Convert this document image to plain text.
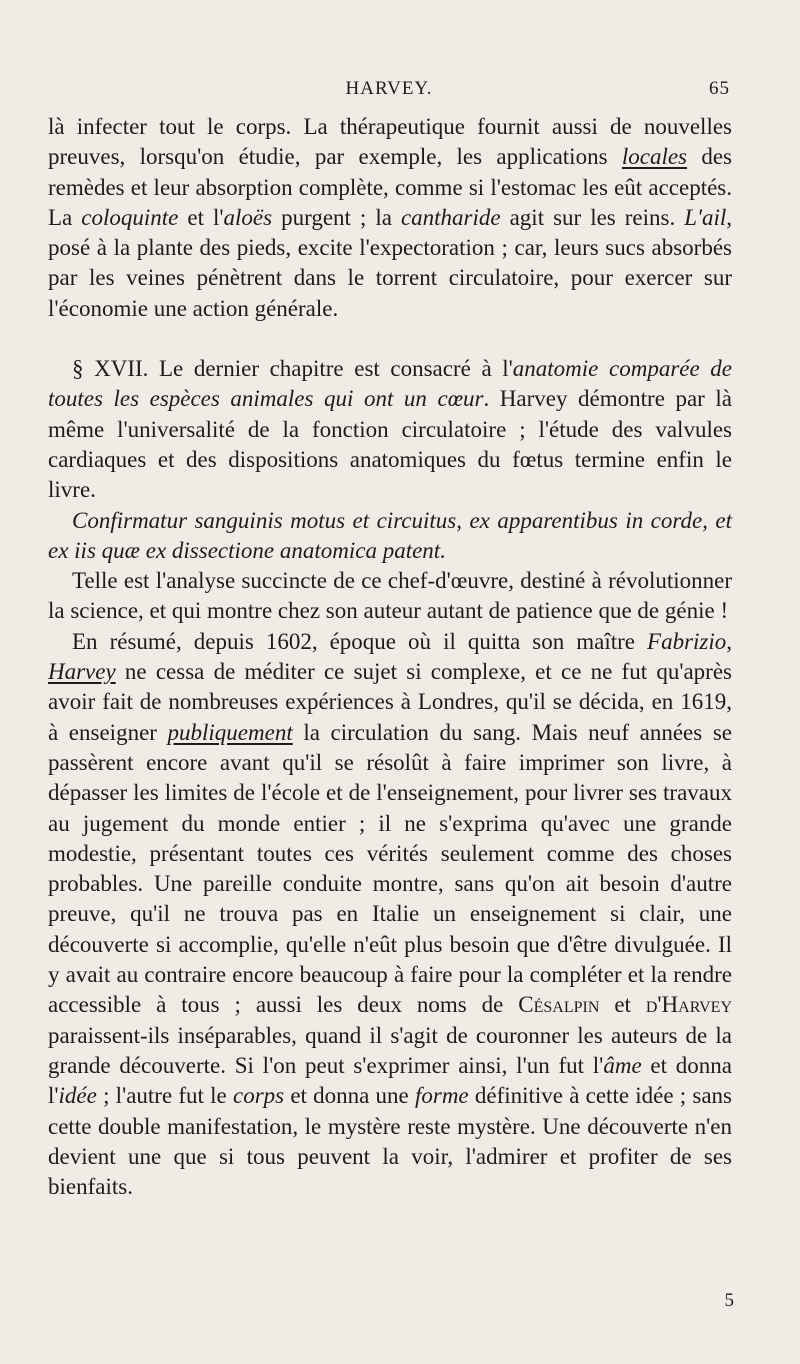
HARVEY.	65

là infecter tout le corps. La thérapeutique fournit aussi de nouvelles preuves, lorsqu'on étudie, par exemple, les applications locales des remèdes et leur absorption complète, comme si l'estomac les eût acceptés. La coloquinte et l'aloës purgent ; la cantharide agit sur les reins. L'ail, posé à la plante des pieds, excite l'expectoration ; car, leurs sucs absorbés par les veines pénètrent dans le torrent circulatoire, pour exercer sur l'économie une action générale.

§ XVII. Le dernier chapitre est consacré à l'anatomie comparée de toutes les espèces animales qui ont un cœur. Harvey démontre par là même l'universalité de la fonction circulatoire ; l'étude des valvules cardiaques et des dispositions anatomiques du fœtus termine enfin le livre.

Confirmatur sanguinis motus et circuitus, ex apparentibus in corde, et ex iis quæ ex dissectione anatomica patent.

Telle est l'analyse succincte de ce chef-d'œuvre, destiné à révolutionner la science, et qui montre chez son auteur autant de patience que de génie !

En résumé, depuis 1602, époque où il quitta son maître Fabrizio, Harvey ne cessa de méditer ce sujet si complexe, et ce ne fut qu'après avoir fait de nombreuses expériences à Londres, qu'il se décida, en 1619, à enseigner publiquement la circulation du sang. Mais neuf années se passèrent encore avant qu'il se résolût à faire imprimer son livre, à dépasser les limites de l'école et de l'enseignement, pour livrer ses travaux au jugement du monde entier ; il ne s'exprima qu'avec une grande modestie, présentant toutes ces vérités seulement comme des choses probables. Une pareille conduite montre, sans qu'on ait besoin d'autre preuve, qu'il ne trouva pas en Italie un enseignement si clair, une découverte si accomplie, qu'elle n'eût plus besoin que d'être divulguée. Il y avait au contraire encore beaucoup à faire pour la compléter et la rendre accessible à tous ; aussi les deux noms de Césalpin et d'Harvey paraissent-ils inséparables, quand il s'agit de couronner les auteurs de la grande découverte. Si l'on peut s'exprimer ainsi, l'un fut l'âme et donna l'idée ; l'autre fut le corps et donna une forme définitive à cette idée ; sans cette double manifestation, le mystère reste mystère. Une découverte n'en devient une que si tous peuvent la voir, l'admirer et profiter de ses bienfaits.

5
